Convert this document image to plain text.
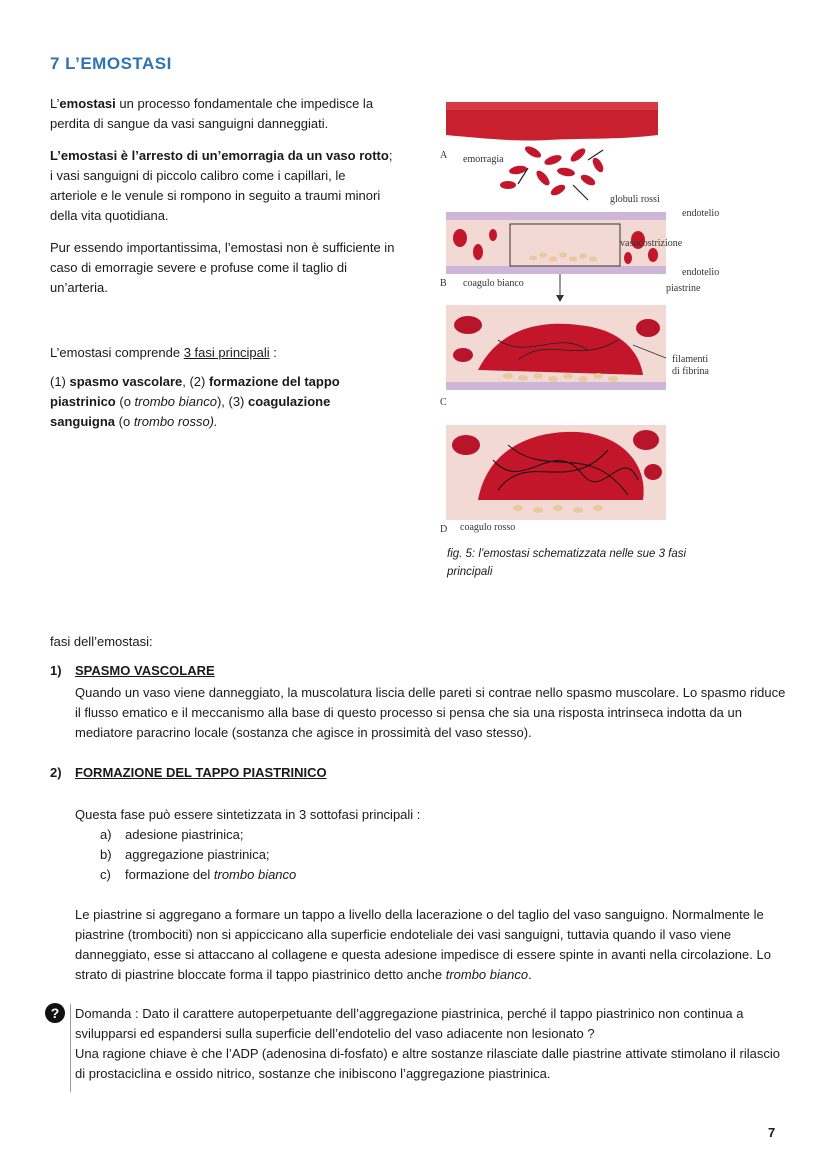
7 L’EMOSTASI
L’emostasi un processo fondamentale che impedisce la perdita di sangue da vasi sanguigni danneggiati.
L’emostasi è l’arresto di un’emorragia da un vaso rotto; i vasi sanguigni di piccolo calibro come i capillari, le arteriole e le venule si rompono in seguito a traumi minori della vita quotidiana.
Pur essendo importantissima, l’emostasi non è sufficiente in caso di emorragie severe e profuse come il taglio di un’arteria.
L’emostasi comprende 3 fasi principali :
(1) spasmo vascolare, (2) formazione del tappo piastrinico (o trombo bianco), (3) coagulazione sanguigna (o trombo rosso).
A emorragia
globuli rossi
endotelio
vasocostrizione
endotelio
B coagulo bianco	piastrine
filamenti
di fibrina
C
D coagulo rosso
fig. 5: l’emostasi schematizzata nelle sue 3 fasi principali
fasi dell’emostasi:
1) SPASMO VASCOLARE
Quando un vaso viene danneggiato, la muscolatura liscia delle pareti si contrae nello spasmo muscolare. Lo spasmo riduce il flusso ematico e il meccanismo alla base di questo processo si pensa che sia una risposta intrinseca indotta da un mediatore paracrino locale (sostanza che agisce in prossimità del vaso stesso).
2) FORMAZIONE DEL TAPPO PIASTRINICO
Questa fase può essere sintetizzata in 3 sottofasi principali :
a) adesione piastrinica;
b) aggregazione piastrinica;
c) formazione del trombo bianco
Le piastrine si aggregano a formare un tappo a livello della lacerazione o del taglio del vaso sanguigno. Normalmente le piastrine (trombociti) non si appiccicano alla superficie endoteliale dei vasi sanguigni, tuttavia quando il vaso viene danneggiato, esse si attaccano al collagene e questa adesione impedisce di essere spinte in avanti nella circolazione. Lo strato di piastrine bloccate forma il tappo piastrinico detto anche trombo bianco.
?	Domanda : Dato il carattere autoperpetuante dell’aggregazione piastrinica, perché il tappo piastrinico non continua a svilupparsi ed espandersi sulla superficie dell’endotelio del vaso adiacente non lesionato ?
Una ragione chiave è che l’ADP (adenosina di-fosfato) e altre sostanze rilasciate dalle piastrine attivate stimolano il rilascio di prostaciclina e ossido nitrico, sostanze che inibiscono l’aggregazione piastrinica.
7
